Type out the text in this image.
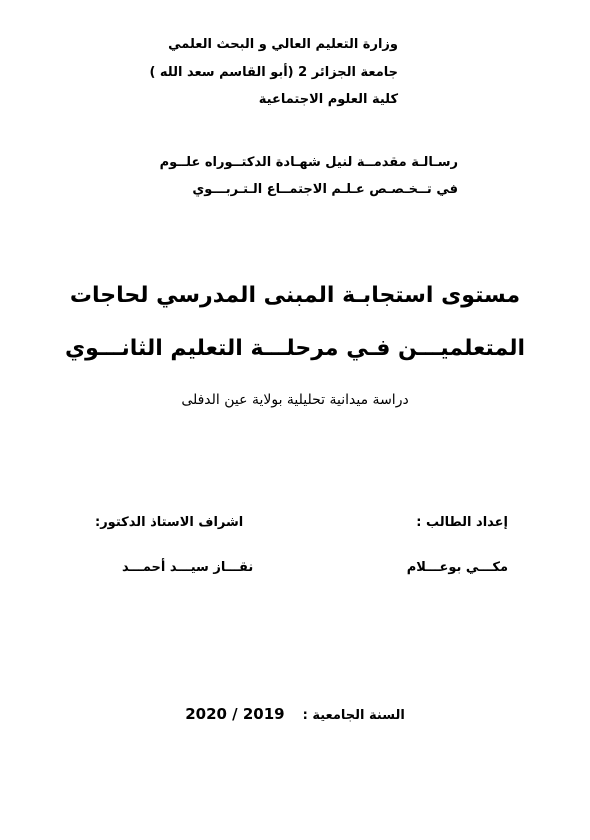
وزارة التعليم العالي و البحث العلمي
جامعة الجزائر 2 (أبو القاسم سعد الله )
كلية العلوم الاجتماعية
رسـالـة مقدمــة لنيل شهـادة الدكتــوراه علــوم
في تــخـصـص عـلـم الاجتمــاع الـتـربـــوي
مستوى استجابـة المبنى المدرسي لحاجات
المتعلميـــن فـي مرحلـــة التعليم الثانـــوي
دراسة ميدانية تحليلية بولاية عين الدفلى
إعداد الطالب :
اشراف الاستاذ الدكتور:
مكـــي بوعـــلام
نقـــاز سيـــد أحمـــد
السنة الجامعية :2020 / 2019
